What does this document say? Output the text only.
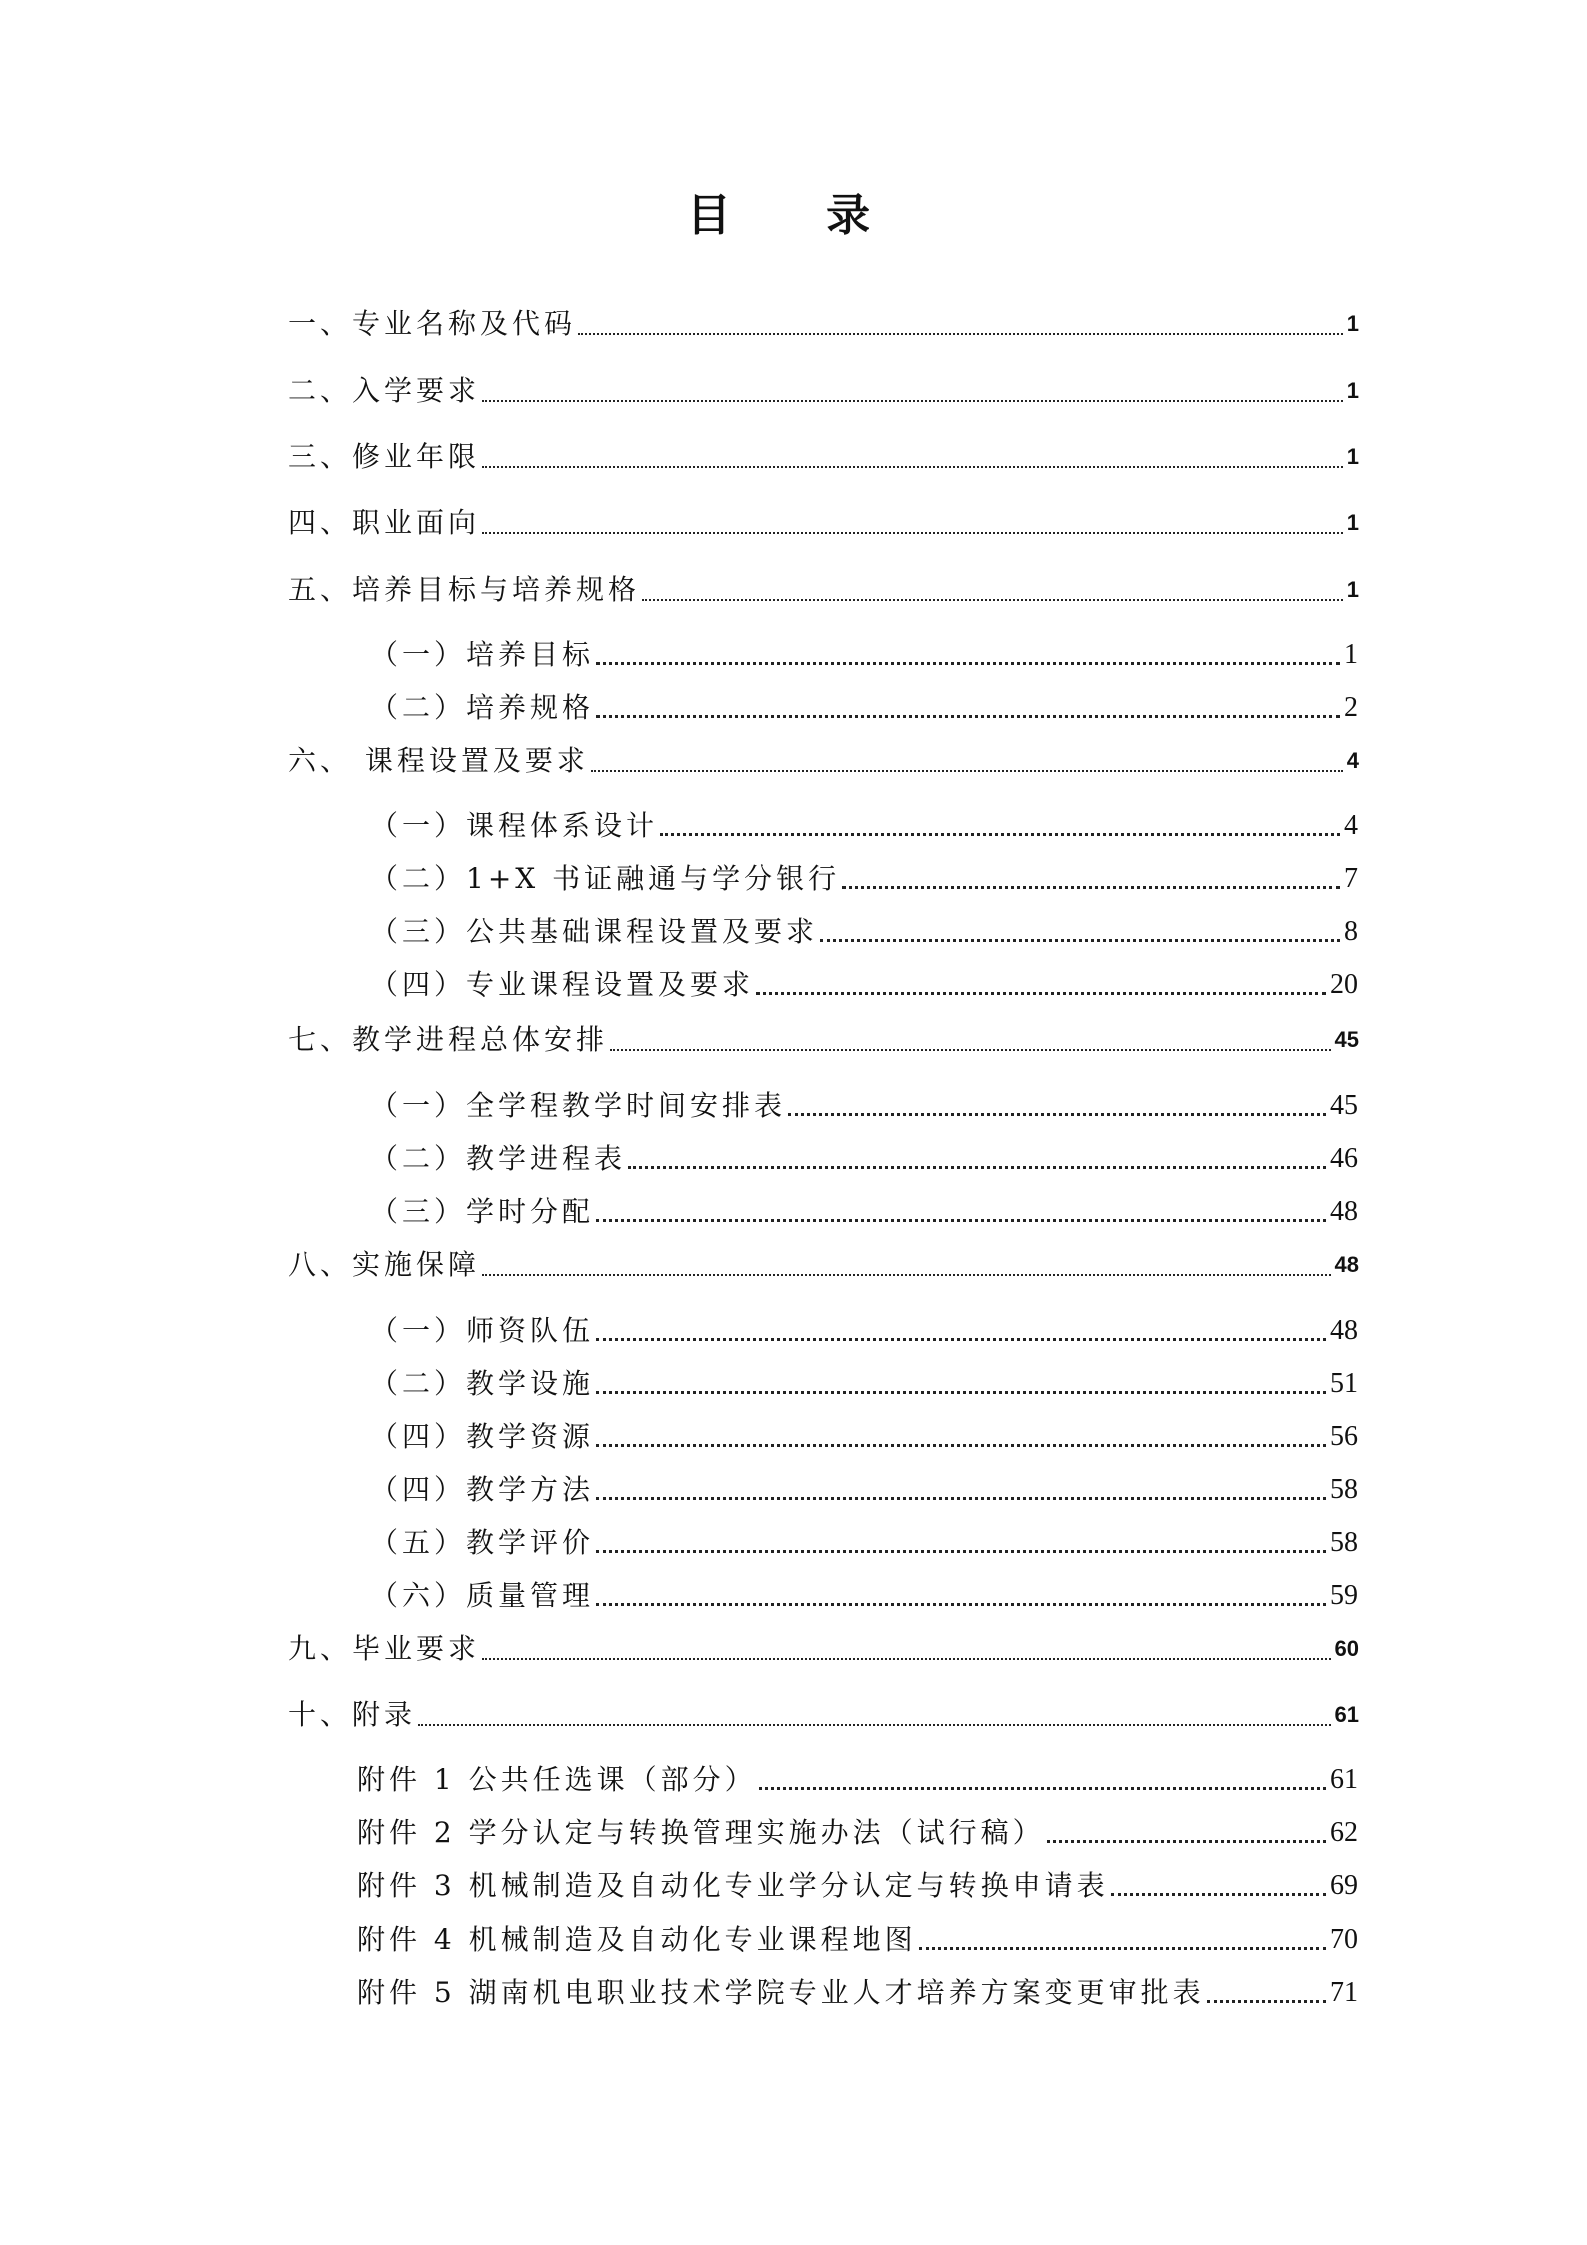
目 录
一、专业名称及代码	1
二、入学要求	1
三、修业年限	1
四、职业面向	1
五、培养目标与培养规格	1
（一）培养目标	1
（二）培养规格	2
六、 课程设置及要求	4
（一）课程体系设计	4
（二）1+X 书证融通与学分银行	7
（三）公共基础课程设置及要求	8
（四）专业课程设置及要求	20
七、教学进程总体安排	45
（一）全学程教学时间安排表	45
（二）教学进程表	46
（三）学时分配	48
八、实施保障	48
（一）师资队伍	48
（二）教学设施	51
（四）教学资源	56
（四）教学方法	58
（五）教学评价	58
（六）质量管理	59
九、毕业要求	60
十、附录	61
附件 1 公共任选课（部分）	61
附件 2 学分认定与转换管理实施办法（试行稿）	62
附件 3 机械制造及自动化专业学分认定与转换申请表	69
附件 4 机械制造及自动化专业课程地图	70
附件 5 湖南机电职业技术学院专业人才培养方案变更审批表	71
